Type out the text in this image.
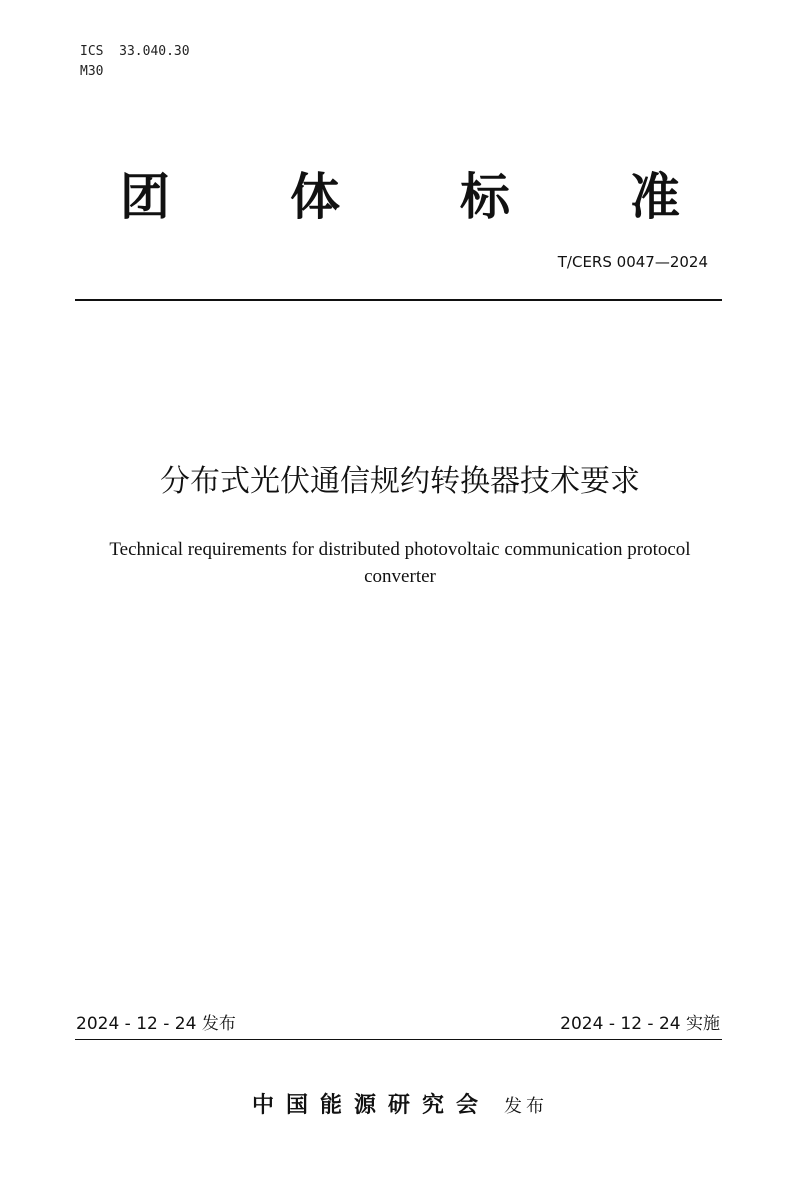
ICS  33.040.30
M30
团 体 标 准
T/CERS 0047—2024
分布式光伏通信规约转换器技术要求
Technical requirements for distributed photovoltaic communication protocol
converter
2024 - 12 - 24 发布	2024 - 12 - 24 实施
中国能源研究会 发布
